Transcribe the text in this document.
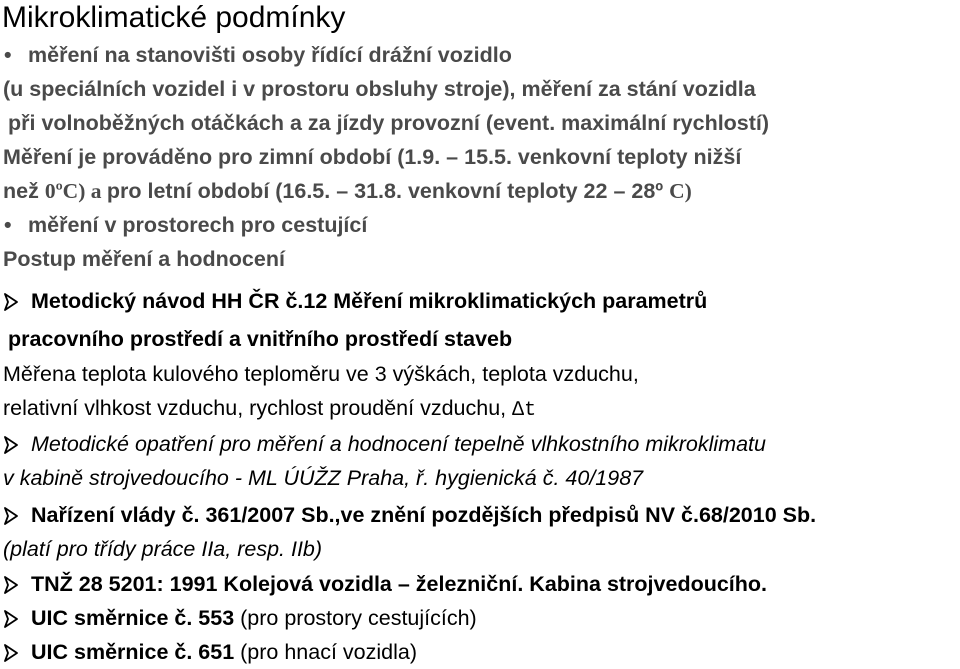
Mikroklimatické podmínky
• měření na stanovišti osoby řídící drážní vozidlo
(u speciálních vozidel i v prostoru obsluhy stroje), měření za stání vozidla
při volnoběžných otáčkách a za jízdy provozní (event. maximální rychlostí)
Měření je prováděno pro zimní období (1.9. – 15.5. venkovní teploty nižší
než 0ºC) a pro letní období (16.5. – 31.8. venkovní teploty 22 – 28º C)
• měření v prostorech pro cestující
Postup měření a hodnocení
Metodický návod HH ČR č.12 Měření mikroklimatických parametrů
pracovního prostředí a vnitřního prostředí staveb
Měřena teplota kulového teploměru ve 3 výškách, teplota vzduchu,
relativní vlhkost vzduchu, rychlost proudění vzduchu, ∆t
Metodické opatření pro měření a hodnocení tepelně vlhkostního mikroklimatu
v kabině strojvedoucího - ML ÚÚŽZ Praha, ř. hygienická č. 40/1987
Nařízení vlády č. 361/2007 Sb.,ve znění pozdějších předpisů NV č.68/2010 Sb.
(platí pro třídy práce IIa, resp. IIb)
TNŽ 28 5201: 1991 Kolejová vozidla – železniční. Kabina strojvedoucího.
UIC směrnice č. 553 (pro prostory cestujících)
UIC směrnice č. 651 (pro hnací vozidla)
